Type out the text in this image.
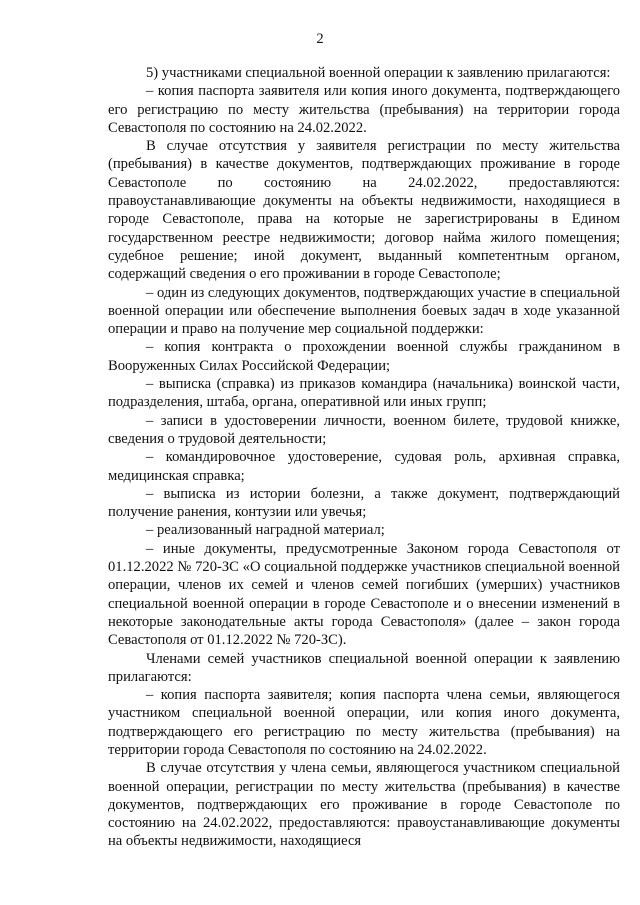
2

5) участниками специальной военной операции к заявлению прилагаются:

– копия паспорта заявителя или копия иного документа, подтверждающего его регистрацию по месту жительства (пребывания) на территории города Севастополя по состоянию на 24.02.2022.

В случае отсутствия у заявителя регистрации по месту жительства (пребывания) в качестве документов, подтверждающих проживание в городе Севастополе по состоянию на 24.02.2022, предоставляются: правоустанавливающие документы на объекты недвижимости, находящиеся в городе Севастополе, права на которые не зарегистрированы в Едином государственном реестре недвижимости; договор найма жилого помещения; судебное решение; иной документ, выданный компетентным органом, содержащий сведения о его проживании в городе Севастополе;

– один из следующих документов, подтверждающих участие в специальной военной операции или обеспечение выполнения боевых задач в ходе указанной операции и право на получение мер социальной поддержки:

– копия контракта о прохождении военной службы гражданином в Вооруженных Силах Российской Федерации;

– выписка (справка) из приказов командира (начальника) воинской части, подразделения, штаба, органа, оперативной или иных групп;

– записи в удостоверении личности, военном билете, трудовой книжке, сведения о трудовой деятельности;

– командировочное удостоверение, судовая роль, архивная справка, медицинская справка;

– выписка из истории болезни, а также документ, подтверждающий получение ранения, контузии или увечья;

– реализованный наградной материал;

– иные документы, предусмотренные Законом города Севастополя от 01.12.2022 № 720-ЗС «О социальной поддержке участников специальной военной операции, членов их семей и членов семей погибших (умерших) участников специальной военной операции в городе Севастополе и о внесении изменений в некоторые законодательные акты города Севастополя» (далее – закон города Севастополя от 01.12.2022 № 720-ЗС).

Членами семей участников специальной военной операции к заявлению прилагаются:

– копия паспорта заявителя; копия паспорта члена семьи, являющегося участником специальной военной операции, или копия иного документа, подтверждающего его регистрацию по месту жительства (пребывания) на территории города Севастополя по состоянию на 24.02.2022.

В случае отсутствия у члена семьи, являющегося участником специальной военной операции, регистрации по месту жительства (пребывания) в качестве документов, подтверждающих его проживание в городе Севастополе по состоянию на 24.02.2022, предоставляются: правоустанавливающие документы на объекты недвижимости, находящиеся
